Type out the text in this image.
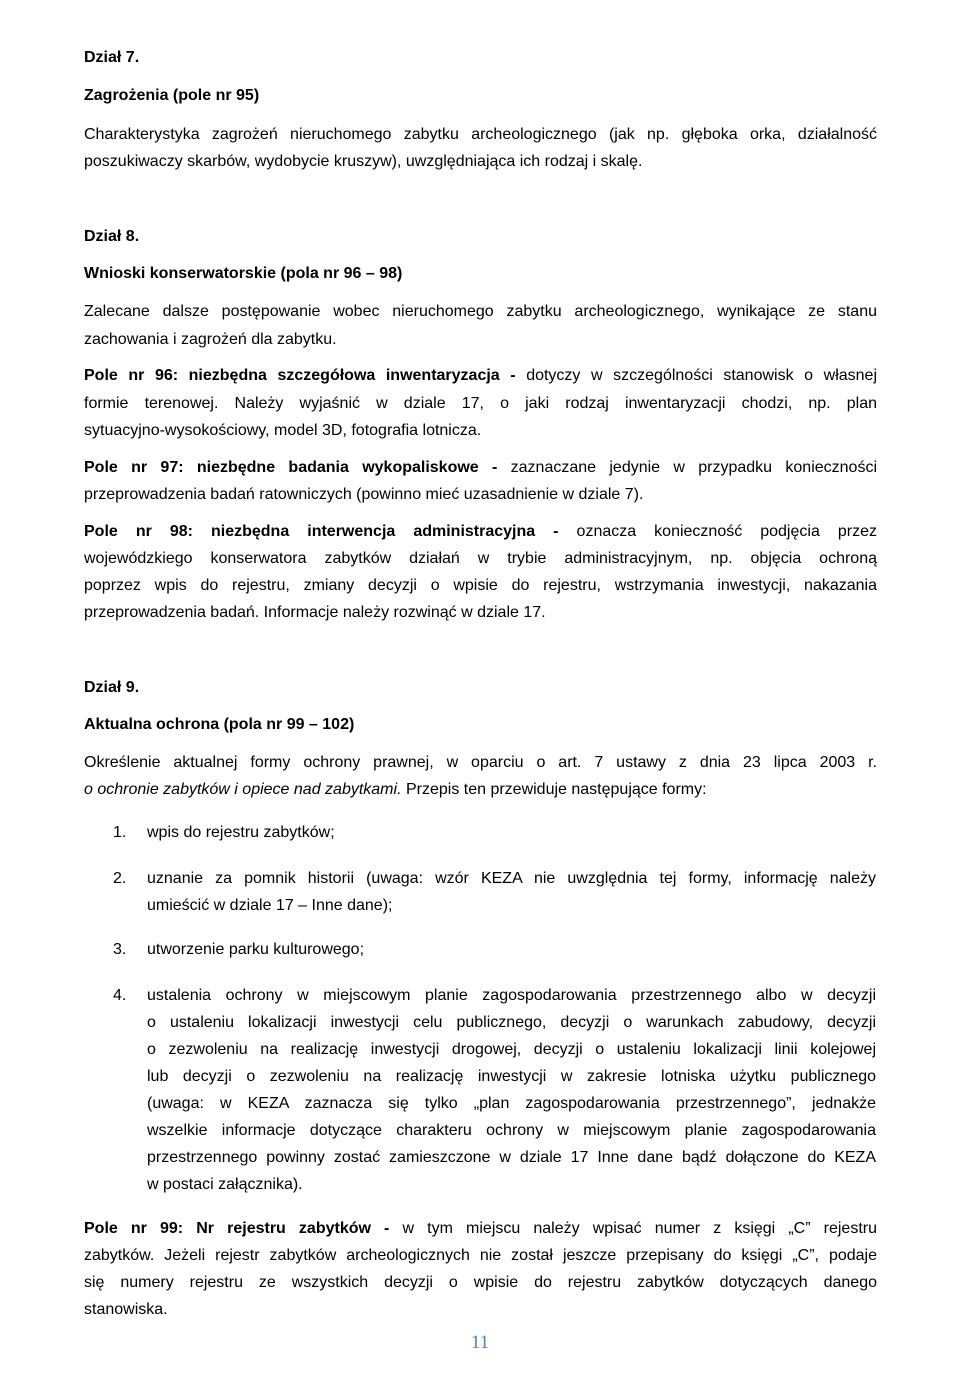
Dział 7.
Zagrożenia (pole nr 95)
Charakterystyka zagrożeń nieruchomego zabytku archeologicznego (jak np. głęboka orka, działalność
poszukiwaczy skarbów, wydobycie kruszyw), uwzględniająca ich rodzaj i skalę.
Dział 8.
Wnioski konserwatorskie (pola nr 96 – 98)
Zalecane dalsze postępowanie wobec nieruchomego zabytku archeologicznego, wynikające ze stanu
zachowania i zagrożeń dla zabytku.
Pole nr 96: niezbędna szczegółowa inwentaryzacja - dotyczy w szczególności stanowisk o własnej
formie terenowej. Należy wyjaśnić w dziale 17, o jaki rodzaj inwentaryzacji chodzi, np. plan
sytuacyjno-wysokościowy, model 3D, fotografia lotnicza.
Pole nr 97: niezbędne badania wykopaliskowe - zaznaczane jedynie w przypadku konieczności
przeprowadzenia badań ratowniczych (powinno mieć uzasadnienie w dziale 7).
Pole nr 98: niezbędna interwencja administracyjna - oznacza konieczność podjęcia przez
wojewódzkiego konserwatora zabytków działań w trybie administracyjnym, np. objęcia ochroną
poprzez wpis do rejestru, zmiany decyzji o wpisie do rejestru, wstrzymania inwestycji, nakazania
przeprowadzenia badań. Informacje należy rozwinąć w dziale 17.
Dział 9.
Aktualna ochrona (pola nr 99 – 102)
Określenie aktualnej formy ochrony prawnej, w oparciu o art. 7 ustawy z dnia 23 lipca 2003 r.
o ochronie zabytków i opiece nad zabytkami. Przepis ten przewiduje następujące formy:
1. wpis do rejestru zabytków;
2. uznanie za pomnik historii (uwaga: wzór KEZA nie uwzględnia tej formy, informację należy
umieścić w dziale 17 – Inne dane);
3. utworzenie parku kulturowego;
4. ustalenia ochrony w miejscowym planie zagospodarowania przestrzennego albo w decyzji
o ustaleniu lokalizacji inwestycji celu publicznego, decyzji o warunkach zabudowy, decyzji
o zezwoleniu na realizację inwestycji drogowej, decyzji o ustaleniu lokalizacji linii kolejowej
lub decyzji o zezwoleniu na realizację inwestycji w zakresie lotniska użytku publicznego
(uwaga: w KEZA zaznacza się tylko „plan zagospodarowania przestrzennego”, jednakże
wszelkie informacje dotyczące charakteru ochrony w miejscowym planie zagospodarowania
przestrzennego powinny zostać zamieszczone w dziale 17 Inne dane bądź dołączone do KEZA
w postaci załącznika).
Pole nr 99: Nr rejestru zabytków - w tym miejscu należy wpisać numer z księgi „C” rejestru
zabytków. Jeżeli rejestr zabytków archeologicznych nie został jeszcze przepisany do księgi „C”, podaje
się numery rejestru ze wszystkich decyzji o wpisie do rejestru zabytków dotyczących danego
stanowiska.
11
